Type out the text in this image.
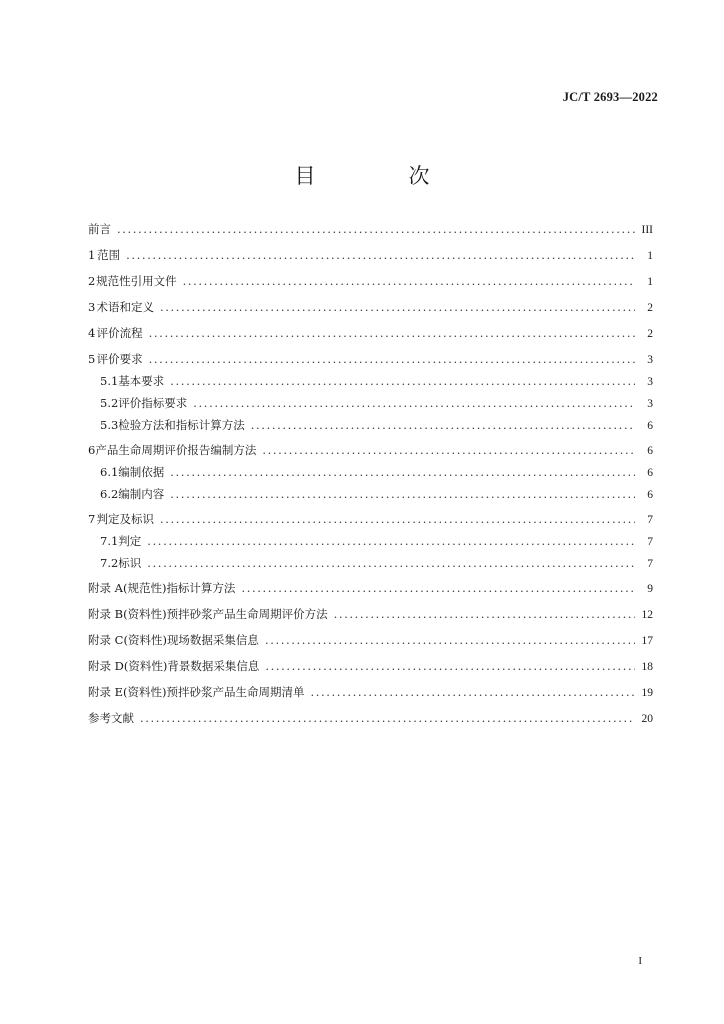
JC/T 2693—2022
目　次
前 言 .....	III
1 范围 .....	1
2 规范性引用文件 .....	1
3 术语和定义 .....	2
4 评价流程 .....	2
5 评价要求 .....	3
5.1 基本要求 .....	3
5.2 评价指标要求 .....	3
5.3 检验方法和指标计算方法 .....	6
6 产品生命周期评价报告编制方法 .....	6
6.1 编制依据 .....	6
6.2 编制内容 .....	6
7 判定及标识 .....	7
7.1 判定 .....	7
7.2 标识 .....	7
附录 A(规范性) 指标计算方法 .....	9
附录 B(资料性) 预拌砂浆产品生命周期评价方法 .....	12
附录 C(资料性) 现场数据采集信息 .....	17
附录 D(资料性) 背景数据采集信息 .....	18
附录 E(资料性) 预拌砂浆产品生命周期清单 .....	19
参考文献 .....	20
I
